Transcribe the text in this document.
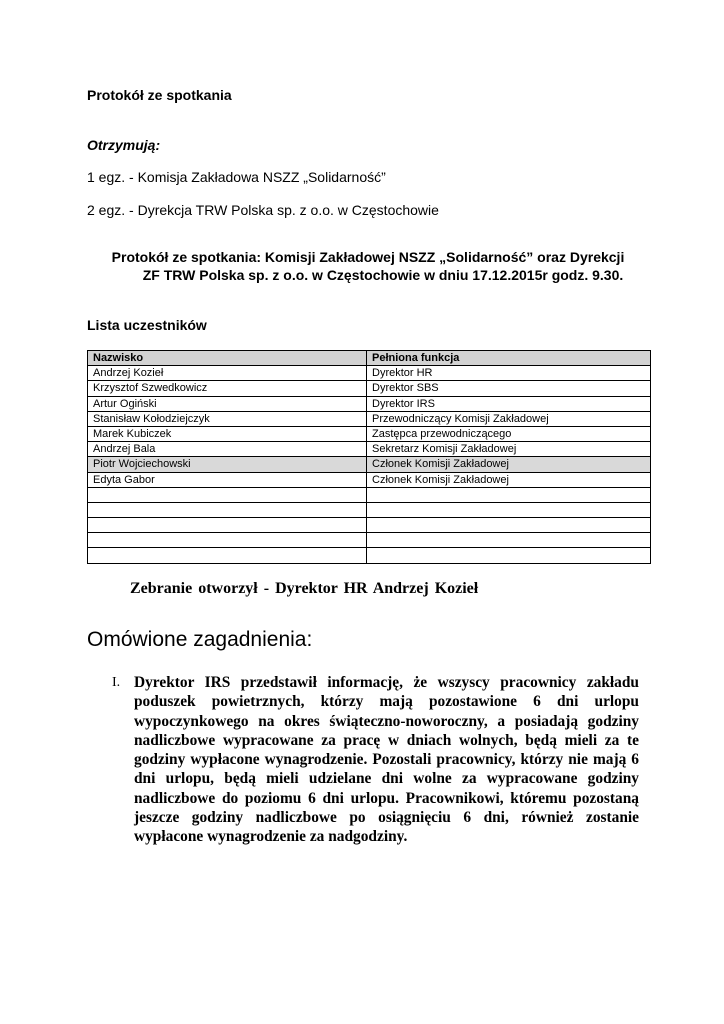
Protokół ze spotkania
Otrzymują:
1 egz. - Komisja Zakładowa NSZZ „Solidarność”
2 egz. - Dyrekcja TRW Polska sp. z o.o. w Częstochowie
Protokół ze spotkania: Komisji Zakładowej NSZZ „Solidarność” oraz Dyrekcji
ZF TRW Polska sp. z o.o. w Częstochowie w dniu 17.12.2015r godz. 9.30.
Lista uczestników
Nazwisko	Pełniona funkcja
Andrzej Kozieł	Dyrektor HR
Krzysztof Szwedkowicz	Dyrektor SBS
Artur Ogiński	Dyrektor IRS
Stanisław Kołodziejczyk	Przewodniczący Komisji Zakładowej
Marek Kubiczek	Zastępca przewodniczącego
Andrzej Bala	Sekretarz Komisji Zakładowej
Piotr Wojciechowski	Członek Komisji Zakładowej
Edyta Gabor	Członek Komisji Zakładowej

Zebranie otworzył - Dyrektor HR Andrzej Kozieł
Omówione zagadnienia:
I. Dyrektor IRS przedstawił informację, że wszyscy pracownicy zakładu poduszek powietrznych, którzy mają pozostawione 6 dni urlopu wypoczynkowego na okres świąteczno-noworoczny, a posiadają godziny nadliczbowe wypracowane za pracę w dniach wolnych, będą mieli za te godziny wypłacone wynagrodzenie. Pozostali pracownicy, którzy nie mają 6 dni urlopu, będą mieli udzielane dni wolne za wypracowane godziny nadliczbowe do poziomu 6 dni urlopu. Pracownikowi, któremu pozostaną jeszcze godziny nadliczbowe po osiągnięciu 6 dni, również zostanie wypłacone wynagrodzenie za nadgodziny.
